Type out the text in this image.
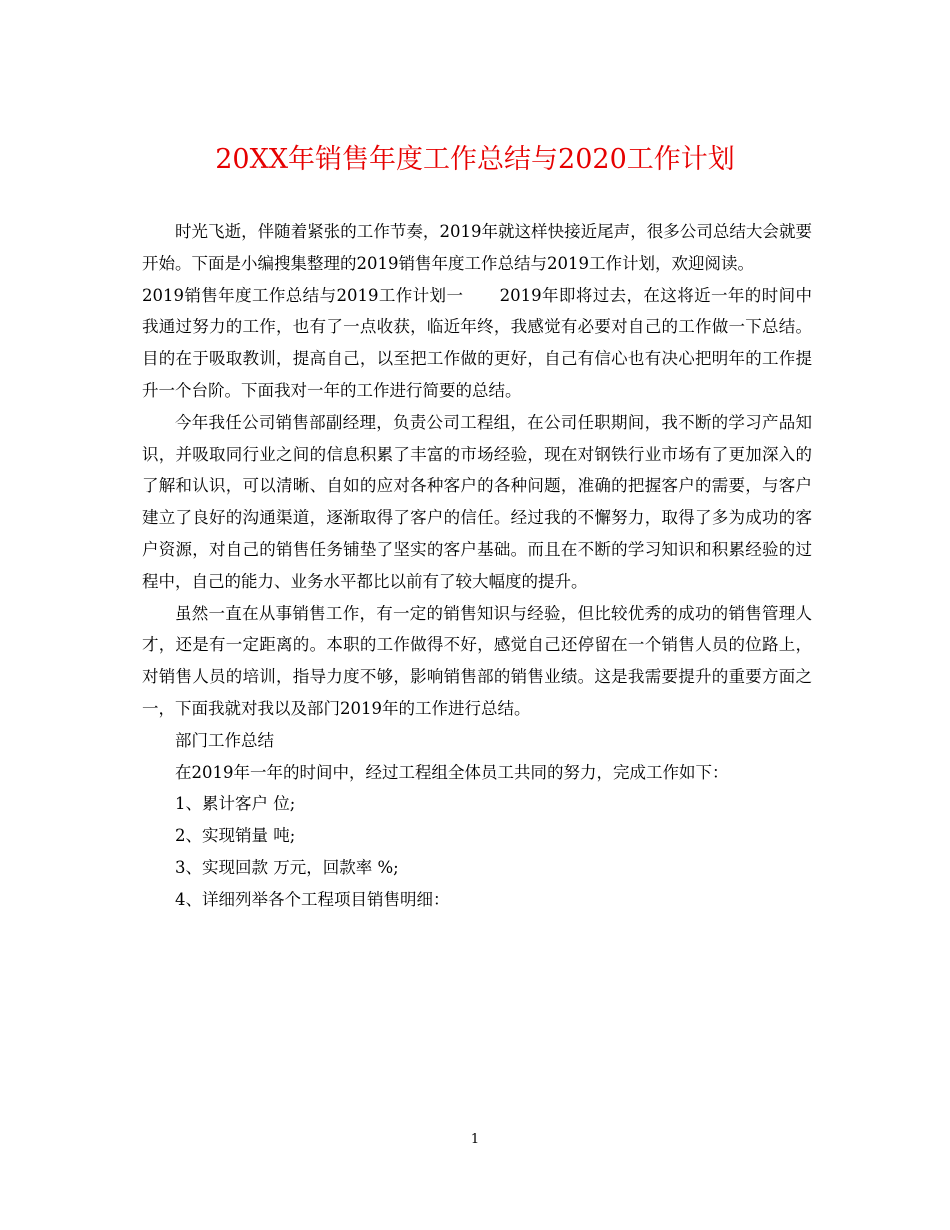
20XX年销售年度工作总结与2020工作计划

时光飞逝，伴随着紧张的工作节奏，2019年就这样快接近尾声，很多公司总结大会就要开始。下面是小编搜集整理的2019销售年度工作总结与2019工作计划，欢迎阅读。

2019销售年度工作总结与2019工作计划一 2019年即将过去，在这将近一年的时间中我通过努力的工作，也有了一点收获，临近年终，我感觉有必要对自己的工作做一下总结。目的在于吸取教训，提高自己，以至把工作做的更好，自己有信心也有决心把明年的工作提升一个台阶。下面我对一年的工作进行简要的总结。

今年我任公司销售部副经理，负责公司工程组，在公司任职期间，我不断的学习产品知识，并吸取同行业之间的信息积累了丰富的市场经验，现在对钢铁行业市场有了更加深入的了解和认识，可以清晰、自如的应对各种客户的各种问题，准确的把握客户的需要，与客户建立了良好的沟通渠道，逐渐取得了客户的信任。经过我的不懈努力，取得了多为成功的客户资源，对自己的销售任务铺垫了坚实的客户基础。而且在不断的学习知识和积累经验的过程中，自己的能力、业务水平都比以前有了较大幅度的提升。

虽然一直在从事销售工作，有一定的销售知识与经验，但比较优秀的成功的销售管理人才，还是有一定距离的。本职的工作做得不好，感觉自己还停留在一个销售人员的位路上，对销售人员的培训，指导力度不够，影响销售部的销售业绩。这是我需要提升的重要方面之一，下面我就对我以及部门2019年的工作进行总结。

部门工作总结

在2019年一年的时间中，经过工程组全体员工共同的努力，完成工作如下：

1、累计客户 位;

2、实现销量 吨;

3、实现回款 万元，回款率 %;

4、详细列举各个工程项目销售明细：

1
